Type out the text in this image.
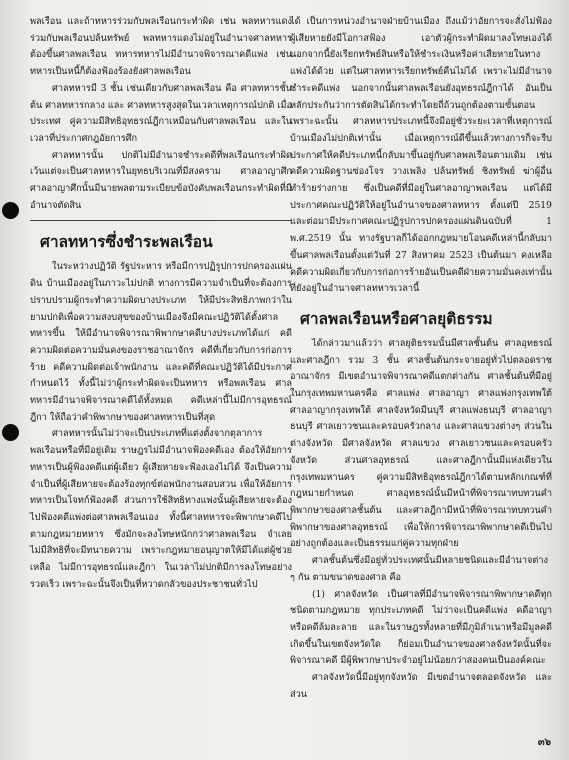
พลเรือน และถ้าทหารร่วมกับพลเรือนกระทำผิด เช่น พลทหารแดง ร่วมกับพลเรือนปล้นทรัพย์ พลทหารแดงไม่อยู่ในอำนาจศาลทหาร ต้องขึ้นศาลพลเรือน ทหารทหารไม่มีอำนาจพิจารณาคดีแพ่ง เช่นทหารเป็นหนี้ก็ต้องฟ้องร้องยังศาลพลเรือน

ศาลทหารมี 3 ชั้น เช่นเดียวกับศาลพลเรือน คือ ศาลทหารชั้นต้น ศาลทหารกลาง และ ศาลทหารสูงสุดในเวลาเหตุการณ์ปกติ เมื่อประเทศ คู่ความมีสิทธิอุทธรณ์ฎีกาเหมือนกับศาลพลเรือน และในเวลาที่ประกาศกฎอัยการศึก

ศาลทหารนั้น ปกติไม่มีอำนาจชำระคดีที่พลเรือนกระทำผิด เว้นแต่จะเป็นศาลทหารในยุทธบริเวณที่มีสงคราม ศาลอาญาศึก ศาลอาญาศึกนั้นมีนายพลตามระเบียบข้อบังคับพลเรือนกระทำผิดที่มีอำนาจตัดสิน

ศาลทหารซึ่งชำระพลเรือน

ในระหว่างปฏิวัติ รัฐประหาร หรือมีการปฏิรูปการปกครองแผ่นดิน บ้านเมืองอยู่ในภาวะไม่ปกติ ทางการมีความจำเป็นที่จะต้องการปราบปรามผู้กระทำความผิดบางประเภท ให้มีประสิทธิภาพกว่าในยามปกติเพื่อความสงบสุขของบ้านเมืองจึงมีคณะปฏิวัติได้ตั้งศาลทหารขึ้น ให้มีอำนาจพิจารณาพิพากษาคดีบางประเภทได้แก่ คดีความผิดต่อความมั่นคงของราชอาณาจักร คดีที่เกี่ยวกับการก่อการร้าย คดีความผิดต่อเจ้าพนักงาน และคดีที่คณะปฏิวัติได้มีประกาศกำหนดไว้ ทั้งนี้ไม่ว่าผู้กระทำผิดจะเป็นทหาร หรือพลเรือน ศาลทหารมีอำนาจพิจารณาคดีได้ทั้งหมด คดีเหล่านี้ไม่มีการอุทธรณ์ฎีกา ให้ถือว่าคำพิพากษาของศาลทหารเป็นที่สุด

ศาลทหารนั้นไม่ว่าจะเป็นประเภทที่แต่งตั้งจากตุลาการพลเรือนหรือที่มีอยู่เดิม ราษฎรไม่มีอำนาจฟ้องคดีเอง ต้องให้อัยการทหารเป็นผู้ฟ้องคดีแต่ผู้เดียว ผู้เสียหายจะฟ้องเองไม่ได้ จึงเป็นความจำเป็นที่ผู้เสียหายจะต้องร้องทุกข์ต่อพนักงานสอบสวน เพื่อให้อัยการทหารเป็นโจทก์ฟ้องคดี ส่วนการใช้สิทธิทางแพ่งนั้นผู้เสียหายจะต้องไปฟ้องคดีแพ่งต่อศาลพลเรือนเอง ทั้งนี้ศาลทหารจะพิพากษาคดีไปตามกฎหมายทหาร ซึ่งมักจะลงโทษหนักกว่าศาลพลเรือน จำเลยไม่มีสิทธิที่จะมีทนายความ เพราะกฎหมายอนุญาตให้มีได้แต่ผู้ช่วยเหลือ ไม่มีการอุทธรณ์และฎีกา ในเวลาไม่ปกติมีการลงโทษอย่างรวดเร็ว เพราะฉะนั้นจึงเป็นที่หวาดกลัวของประชาชนทั่วไป

ได้ เป็นการหน่วงอำนาจฝ่ายบ้านเมือง ถึงแม้ว่าอัยการจะสั่งไม่ฟ้อง ผู้เสียหายยังมีโอกาสฟ้อง เอาตัวผู้กระทำผิดมาลงโทษเองได้ นอกจากนี้ยังเรียกทรัพย์สินหรือให้ชำระเงินหรือค่าเสียหายในทางแพ่งได้ด้วย แต่ในศาลทหารเรียกทรัพย์คืนไม่ได้ เพราะไม่มีอำนาจชำระคดีแพ่ง นอกจากนั้นศาลพลเรือนยังอุทธรณ์ฎีกาได้ อันเป็นหลักประกันว่าการตัดสินได้กระทำโดยถี่ถ้วนถูกต้องตามขั้นตอน เพราะฉะนั้น ศาลทหารประเภทนี้จึงมีอยู่ชั่วระยะเวลาที่เหตุการณ์บ้านเมืองไม่ปกติเท่านั้น เมื่อเหตุการณ์ดีขึ้นแล้วทางการก็จะรีบประกาศให้คดีประเภทนี้กลับมาขึ้นอยู่กับศาลพลเรือนตามเดิม เช่น คดีความผิดฐานซ่องโจร วางเพลิง ปล้นทรัพย์ ชิงทรัพย์ ฆ่าผู้อื่น ทำร้ายร่างกาย ซึ่งเป็นคดีที่มีอยู่ในศาลอาญาพลเรือน แต่ได้มีประกาศคณะปฏิวัติให้อยู่ในอำนาจของศาลทหาร ตั้งแต่ปี 2519 และต่อมามีประกาศคณะปฏิรูปการปกครองแผ่นดินฉบับที่ 1 พ.ศ.2519 นั้น ทางรัฐบาลก็ได้ออกกฎหมายโอนคดีเหล่านี้กลับมาขึ้นศาลพลเรือนตั้งแต่วันที่ 27 สิงหาคม 2523 เป็นต้นมา คงเหลือคดีความผิดเกี่ยวกับการก่อการร้ายอันเป็นคดีฝ่ายความมั่นคงเท่านั้นที่ยังอยู่ในอำนาจศาลทหารเวลานี้

ศาลพลเรือนหรือศาลยุติธรรม

ได้กล่าวมาแล้วว่า ศาลยุติธรรมนั้นมีศาลชั้นต้น ศาลอุทธรณ์ และศาลฎีกา รวม 3 ชั้น ศาลชั้นต้นกระจายอยู่ทั่วไปตลอดราชอาณาจักร มีเขตอำนาจพิจารณาคดีแตกต่างกัน ศาลชั้นต้นที่มีอยู่ในกรุงเทพมหานครคือ ศาลแพ่ง ศาลอาญา ศาลแพ่งกรุงเทพใต้ ศาลอาญากรุงเทพใต้ ศาลจังหวัดมีนบุรี ศาลแพ่งธนบุรี ศาลอาญาธนบุรี ศาลเยาวชนและครอบครัวกลาง และศาลแขวงต่างๆ ส่วนในต่างจังหวัด มีศาลจังหวัด ศาลแขวง ศาลเยาวชนและครอบครัวจังหวัด ส่วนศาลอุทธรณ์ และศาลฎีกานั้นมีแห่งเดียวในกรุงเทพมหานคร คู่ความมีสิทธิอุทธรณ์ฎีกาได้ตามหลักเกณฑ์ที่กฎหมายกำหนด ศาลอุทธรณ์นั้นมีหน้าที่พิจารณาทบทวนคำพิพากษาของศาลชั้นต้น และศาลฎีกามีหน้าที่พิจารณาทบทวนคำพิพากษาของศาลอุทธรณ์ เพื่อให้การพิจารณาพิพากษาคดีเป็นไปอย่างถูกต้องและเป็นธรรมแก่คู่ความทุกฝ่าย

ศาลชั้นต้นซึ่งมีอยู่ทั่วประเทศนั้นมีหลายชนิดและมีอำนาจต่าง ๆ กัน ตามขนาดของศาล คือ

(1) ศาลจังหวัด เป็นศาลที่มีอำนาจพิจารณาพิพากษาคดีทุกชนิดตามกฎหมาย ทุกประเภทคดี ไม่ว่าจะเป็นคดีแพ่ง คดีอาญา หรือคดีล้มละลาย และในราษฎรทั้งหลายที่มีภูมิลำเนาหรือมีมูลคดีเกิดขึ้นในเขตจังหวัดใด ก็ย่อมเป็นอำนาจของศาลจังหวัดนั้นที่จะพิจารณาคดี มีผู้พิพากษาประจำอยู่ไม่น้อยกว่าสองคนเป็นองค์คณะ

ศาลจังหวัดนี้มีอยู่ทุกจังหวัด มีเขตอำนาจตลอดจังหวัด และส่วน

๓๖
